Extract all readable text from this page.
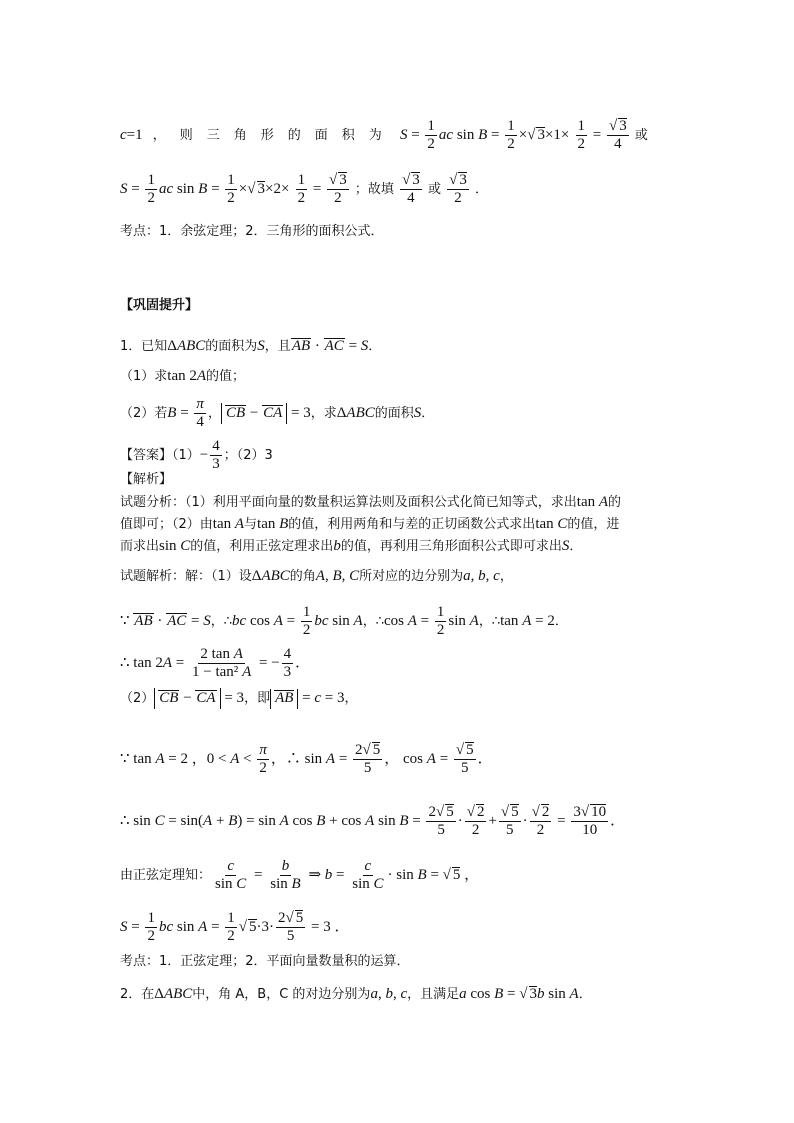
c=1 ，则三角形的面积为 $S = \frac{1}{2}$ ac $\sin B = \frac{1}{2}$ ×√ $3\times 1\times \frac{1}{2} = \frac{√ 3}{4}$ 或
$S = \frac{1}{2}$ ac $\sin B = \frac{1}{2}$ ×√ $3\times 2\times \frac{1}{2} = \frac{√ 3}{2}$ ；故填 $\frac{√ 3}{4}$ 或 $\frac{√ 3}{2}$ ．
考点：1．余弦定理；2．三角形的面积公式．
【巩固提升】
1．已知ΔABC的面积为S，且AB · AC = S．
（1）求tan 2A的值；
（2）若$B = \frac{\pi}{4}$ ， CB − CA = 3，求ΔABC的面积S．
【答案】$(1)- \frac{4}{3}$ ；（2）3
【解析】
试题分析：（1）利用平面向量的数量积运算法则及面积公式化简已知等式，求出tan A的
值即可；（2）由tan A与tan B的值，利用两角和与差的正切函数公式求出tan C的值，进
而求出sin C的值，利用正弦定理求出b的值，再利用三角形面积公式即可求出S．
试题解析：解：（1）设ΔABC的角A, B, C所对应的边分别为a, b, c，
∵ AB · AC = S，∴bc $\cos A = \frac{1}{2}$ bc sin A，∴cos $A = \frac{1}{2}$ sin A，∴tan A = 2．
∴ $\tan 2A = \frac{\text{2 tan A}}{\text{1 − tan² A}}$ = − $\frac{4}{3}$ ．
（2） CB − CA = 3，即 AB = c = 3，
∵ tan A = 2 ，$0 < A < \frac{\pi}{2}$ ，∴ $\sin A = \frac{2√ 5}{5}$ ， $\cos A = \frac{√ 5}{5}$ ．
∴ sin C = sin(A + B) = sin A cos B + cos A $\sin B = \frac{2√ 5}{5} \cdot \frac{√ 2}{2} + \frac{√ 5}{5} \cdot \frac{√ 2}{2} = \frac{3√ 10}{10}$ ．
由正弦定理知： $\frac{c}{\text{sin C}} = \frac{b}{\text{sin B}}$ ⇒ $b = \frac{c}{\text{sin C}} \cdot \sin B$ = √ 5 ，
$S = \frac{1}{2}$ bc $\sin A = \frac{1}{2}$ √ $5\cdot 3\cdot \frac{2√ 5}{5} = 3$ ．
考点：1．正弦定理；2．平面向量数量积的运算．
2．在ΔABC中，角 A，B，C 的对边分别为a, b, c，且满足a cos B = √ 3b sin A．
